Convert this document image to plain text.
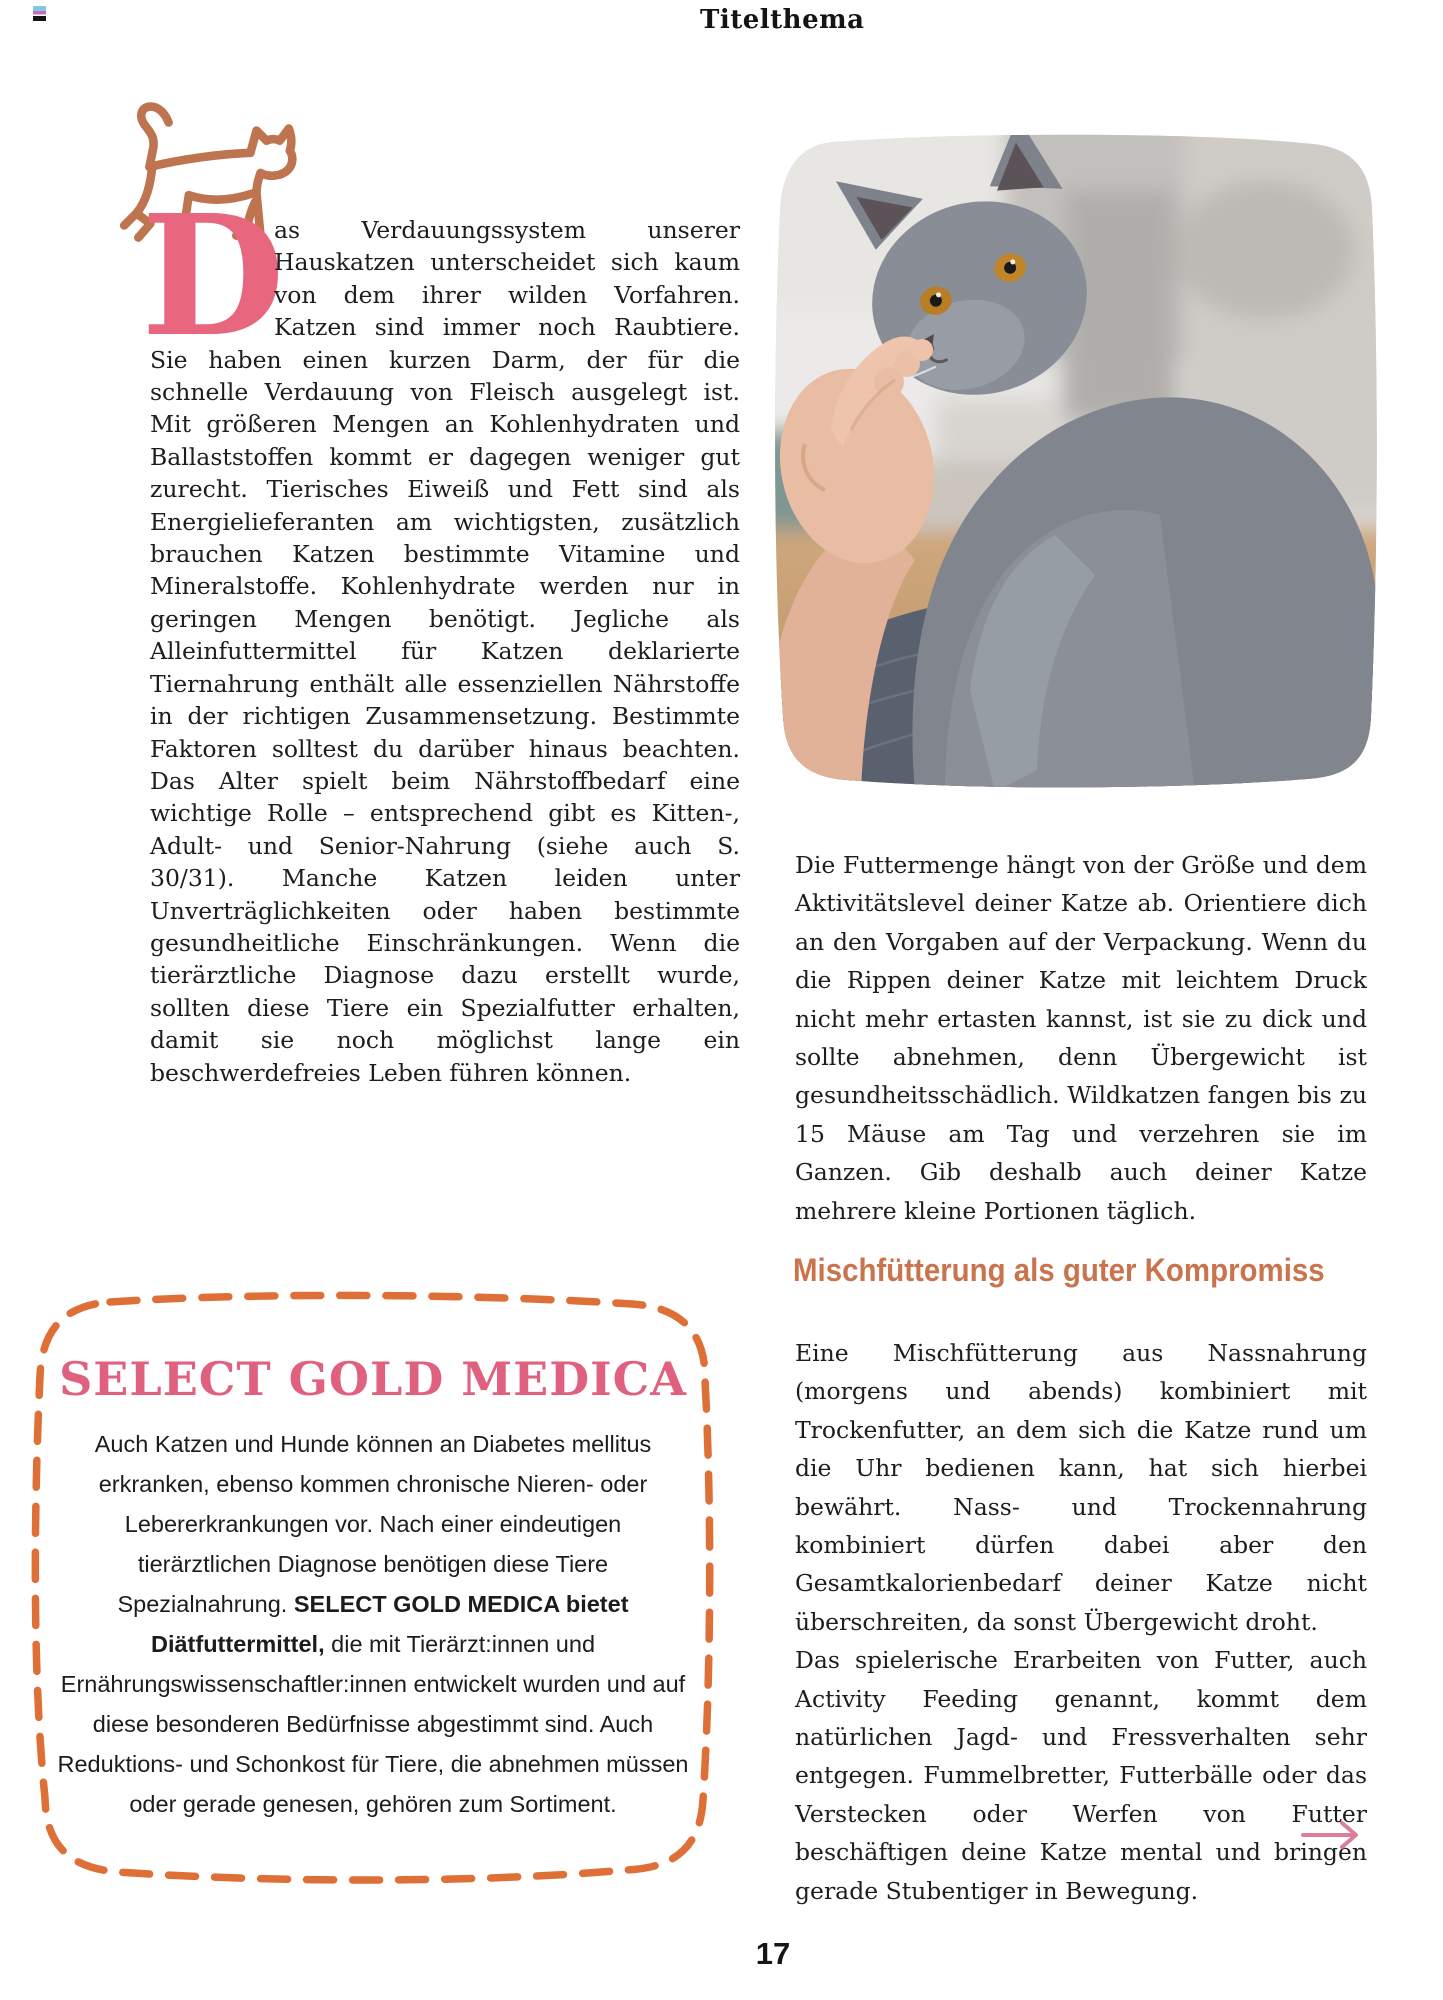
Titelthema
D
as Verdauungssystem unserer Hauskatzen unterscheidet sich kaum von dem ihrer wilden Vorfahren. Katzen sind immer noch Raubtiere. Sie haben einen kurzen Darm, der für die schnelle Verdauung von Fleisch ausgelegt ist. Mit größeren Mengen an Kohlenhydraten und Ballaststoffen kommt er dagegen weniger gut zurecht. Tierisches Eiweiß und Fett sind als Energielieferanten am wichtigsten, zusätzlich brauchen Katzen bestimmte Vitamine und Mineralstoffe. Kohlenhydrate werden nur in geringen Mengen benötigt. Jegliche als Alleinfuttermittel für Katzen deklarierte Tiernahrung enthält alle essenziellen Nährstoffe in der richtigen Zusammensetzung. Bestimmte Faktoren solltest du darüber hinaus beachten. Das Alter spielt beim Nährstoffbedarf eine wichtige Rolle – entsprechend gibt es Kitten-, Adult- und Senior-Nahrung (siehe auch S. 30/31). Manche Katzen leiden unter Unverträglichkeiten oder haben bestimmte gesundheitliche Einschränkungen. Wenn die tierärztliche Diagnose dazu erstellt wurde, sollten diese Tiere ein Spezialfutter erhalten, damit sie noch möglichst lange ein beschwerdefreies Leben führen können.
Die Futtermenge hängt von der Größe und dem Aktivitätslevel deiner Katze ab. Orientiere dich an den Vorgaben auf der Verpackung. Wenn du die Rippen deiner Katze mit leichtem Druck nicht mehr ertasten kannst, ist sie zu dick und sollte abnehmen, denn Übergewicht ist gesundheitsschädlich. Wildkatzen fangen bis zu 15 Mäuse am Tag und verzehren sie im Ganzen. Gib deshalb auch deiner Katze mehrere kleine Portionen täglich.
Mischfütterung als guter Kompromiss

Eine Mischfütterung aus Nassnahrung (morgens und abends) kombiniert mit Trockenfutter, an dem sich die Katze rund um die Uhr bedienen kann, hat sich hierbei bewährt. Nass- und Trockennahrung kombiniert dürfen dabei aber den Gesamtkalorienbedarf deiner Katze nicht überschreiten, da sonst Übergewicht droht.

Das spielerische Erarbeiten von Futter, auch Activity Feeding genannt, kommt dem natürlichen Jagd- und Fressverhalten sehr entgegen. Fummelbretter, Futterbälle oder das Verstecken oder Werfen von Futter beschäftigen deine Katze mental und bringen gerade Stubentiger in Bewegung.

SELECT GOLD MEDICA
Auch Katzen und Hunde können an Diabetes mellitus erkranken, ebenso kommen chronische Nieren- oder Lebererkrankungen vor. Nach einer eindeutigen tierärztlichen Diagnose benötigen diese Tiere Spezialnahrung. SELECT GOLD MEDICA bietet Diätfuttermittel, die mit Tierärzt:innen und Ernährungswissenschaftler:innen entwickelt wurden und auf diese besonderen Bedürfnisse abgestimmt sind. Auch Reduktions- und Schonkost für Tiere, die abnehmen müssen oder gerade genesen, gehören zum Sortiment.
17
